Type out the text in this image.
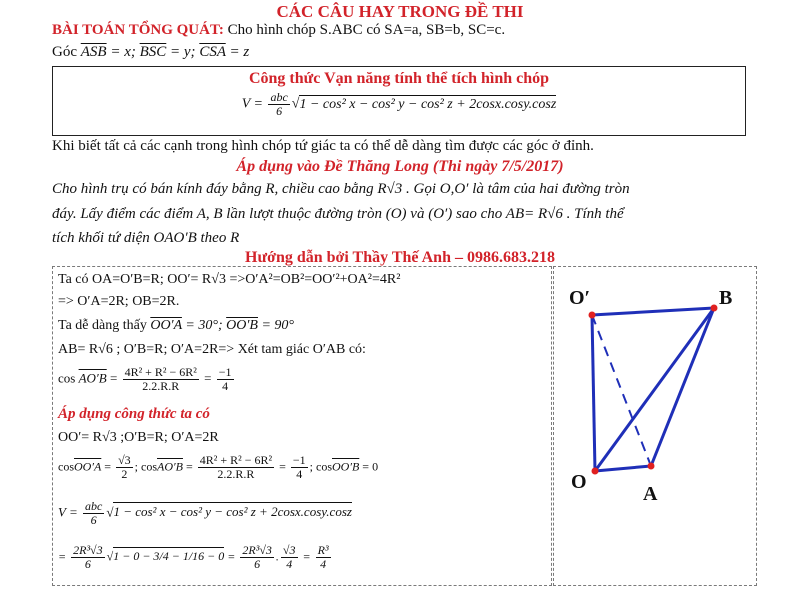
CÁC CÂU HAY TRONG ĐỀ THI
BÀI TOÁN TỔNG QUÁT: Cho hình chóp S.ABC có SA=a, SB=b, SC=c.
Góc $\overline{ASB} = x$; $\overline{BSC} = y$; $\overline{CSA} = z$
Công thức Vạn năng tính thể tích hình chóp
$V = \frac{\text{abc}}{6} √1 - \cos^2$ x − cos² y − cos² z + 2cosx.cosy.cosz
Khi biết tất cả các cạnh trong hình chóp tứ giác ta có thể dễ dàng tìm được các góc ở đỉnh.
Áp dụng vào Đề Thăng Long (Thi ngày 7/5/2017)
Cho hình trụ có bán kính đáy bằng R, chiều cao bằng R√3 . Gọi O,O′ là tâm của hai đường tròn
đáy. Lấy điểm các điểm A, B lần lượt thuộc đường tròn (O) và (O′) sao cho AB= R√6 . Tính thể
tích khối tứ diện OAO′B theo R
Hướng dẫn bởi Thầy Thế Anh – 0986.683.218
Ta có OA=O′B=R; OO′= R√3 =>O′A²=OB²=OO′²+OA²=4R²
=> O′A=2R; OB=2R.
Ta dễ dàng thấy OO′A = 30°; OO′B = 90°
AB= R√6 ; O′B=R; O′A=2R=> Xét tam giác O′AB có:
$\cos AO'B = \frac{\text{4R² + R² − 6R²}}{2.2.R.R} = \frac{-1}{4}$
Áp dụng công thức ta có
OO′= R√3 ;O′B=R; O′A=2R
cosOO′A = $\frac{√3}{2}$ ; cosAO′B = $\frac{\text{4R² + R² − 6R²}}{2.2.R.R} = \frac{-1}{4}$ ; cosOO′B = 0
$V = \frac{\text{abc}}{6} √1 - \cos^2$ x − cos² y − cos² z + 2cosx.cosy.cosz
= $\frac{\text{2R³√3}}{6} √1 - 0 - 3/4 - 1/16 - 0 = \frac{\text{2R³√3}}{6}$ . $\frac{√3}{4} = \frac{\text{R³}}{4}$
O′	B
O
A
